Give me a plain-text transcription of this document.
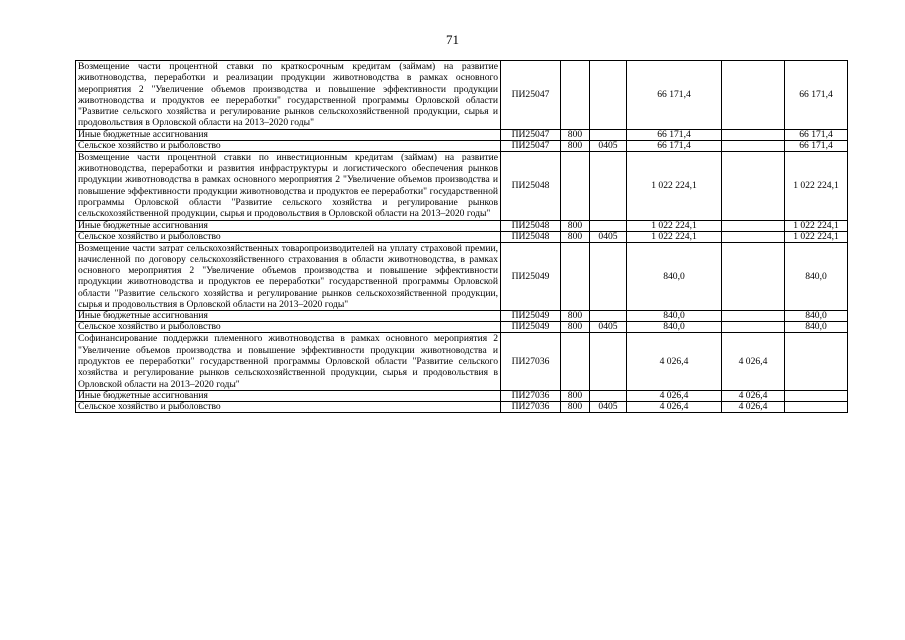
71
Возмещение части процентной ставки по краткосрочным кредитам (займам) на развитие животноводства, переработки и реализации продукции животноводства в рамках основного мероприятия 2 "Увеличение объемов производства и повышение эффективности продукции животноводства и продуктов ее переработки" государственной программы Орловской области "Развитие сельского хозяйства и регулирование рынков сельскохозяйственной продукции, сырья и продовольствия в Орловской области на 2013–2020 годы"	ПИ25047			66 171,4		66 171,4
Иные бюджетные ассигнования	ПИ25047	800		66 171,4		66 171,4
Сельское хозяйство и рыболовство	ПИ25047	800	0405	66 171,4		66 171,4
Возмещение части процентной ставки по инвестиционным кредитам (займам) на развитие животноводства, переработки и развития инфраструктуры и логистического обеспечения рынков продукции животноводства в рамках основного мероприятия 2 "Увеличение объемов производства и повышение эффективности продукции животноводства и продуктов ее переработки" государственной программы Орловской области "Развитие сельского хозяйства и регулирование рынков сельскохозяйственной продукции, сырья и продовольствия в Орловской области на 2013–2020 годы"	ПИ25048			1 022 224,1		1 022 224,1
Иные бюджетные ассигнования	ПИ25048	800		1 022 224,1		1 022 224,1
Сельское хозяйство и рыболовство	ПИ25048	800	0405	1 022 224,1		1 022 224,1
Возмещение части затрат сельскохозяйственных товаропроизводителей на уплату страховой премии, начисленной по договору сельскохозяйственного страхования в области животноводства, в рамках основного мероприятия 2 "Увеличение объемов производства и повышение эффективности продукции животноводства и продуктов ее переработки" государственной программы Орловской области "Развитие сельского хозяйства и регулирование рынков сельскохозяйственной продукции, сырья и продовольствия в Орловской области на 2013–2020 годы"	ПИ25049			840,0		840,0
Иные бюджетные ассигнования	ПИ25049	800		840,0		840,0
Сельское хозяйство и рыболовство	ПИ25049	800	0405	840,0		840,0
Софинансирование поддержки племенного животноводства в рамках основного мероприятия 2 "Увеличение объемов производства и повышение эффективности продукции животноводства и продуктов ее переработки" государственной программы Орловской области "Развитие сельского хозяйства и регулирование рынков сельскохозяйственной продукции, сырья и продовольствия в Орловской области на 2013–2020 годы"	ПИ27036			4 026,4	4 026,4	
Иные бюджетные ассигнования	ПИ27036	800		4 026,4	4 026,4	
Сельское хозяйство и рыболовство	ПИ27036	800	0405	4 026,4	4 026,4	
